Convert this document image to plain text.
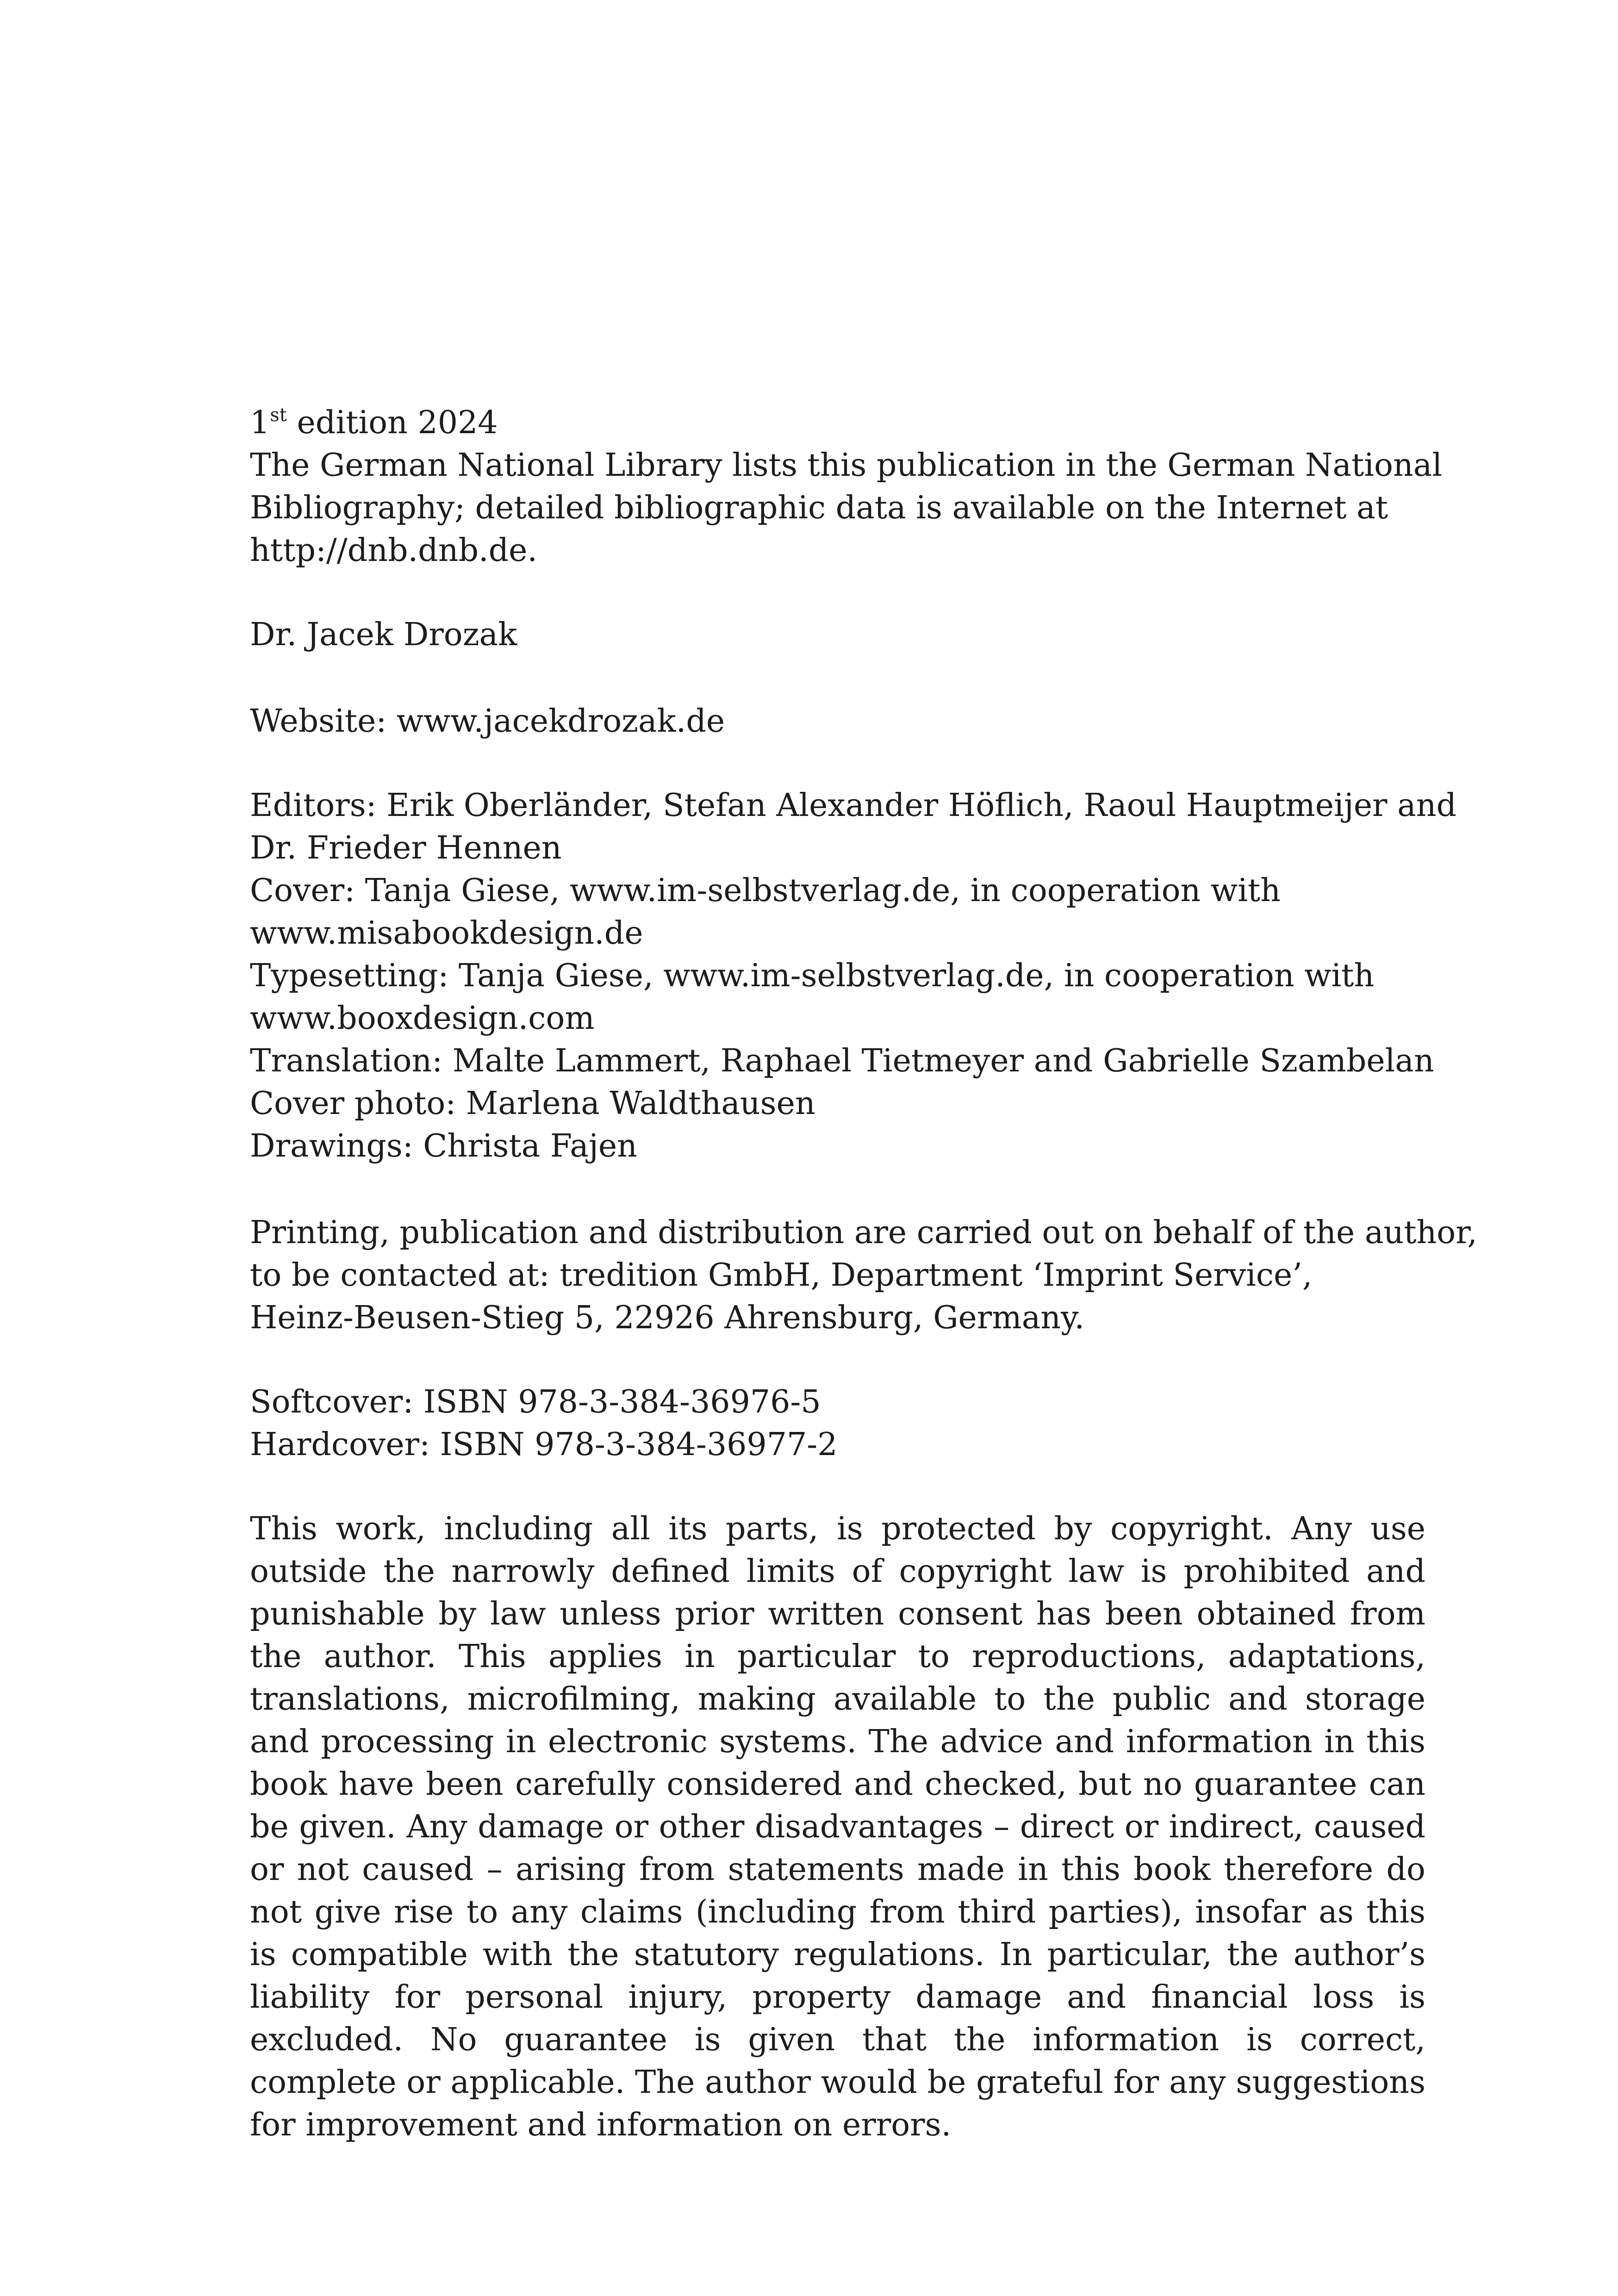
1st edition 2024
The German National Library lists this publication in the German National
Bibliography; detailed bibliographic data is available on the Internet at
http://dnb.dnb.de.
Dr. Jacek Drozak
Website: www.jacekdrozak.de
Editors: Erik Oberländer, Stefan Alexander Höflich, Raoul Hauptmeijer and
Dr. Frieder Hennen
Cover: Tanja Giese, www.im-selbstverlag.de, in cooperation with
www.misabookdesign.de
Typesetting: Tanja Giese, www.im-selbstverlag.de, in cooperation with
www.booxdesign.com
Translation: Malte Lammert, Raphael Tietmeyer and Gabrielle Szambelan
Cover photo: Marlena Waldthausen
Drawings: Christa Fajen
Printing, publication and distribution are carried out on behalf of the author,
to be contacted at: tredition GmbH, Department ‘Imprint Service’,
Heinz-Beusen-Stieg 5, 22926 Ahrensburg, Germany.
Softcover: ISBN 978-3-384-36976-5
Hardcover: ISBN 978-3-384-36977-2
This work, including all its parts, is protected by copyright. Any use outside the narrowly defined limits of copyright law is prohibited and punishable by law unless prior written consent has been obtained from the author. This applies in particular to reproductions, adaptations, translations, microfilming, making available to the public and storage and processing in electronic systems. The advice and information in this book have been carefully considered and checked, but no guarantee can be given. Any damage or other disadvantages – direct or indirect, caused or not caused – arising from statements made in this book therefore do not give rise to any claims (including from third parties), insofar as this is compatible with the statutory regulations. In particular, the author’s liability for personal injury, property damage and financial loss is excluded. No guarantee is given that the information is correct, complete or applicable. The author would be grateful for any suggestions for improvement and information on errors.
